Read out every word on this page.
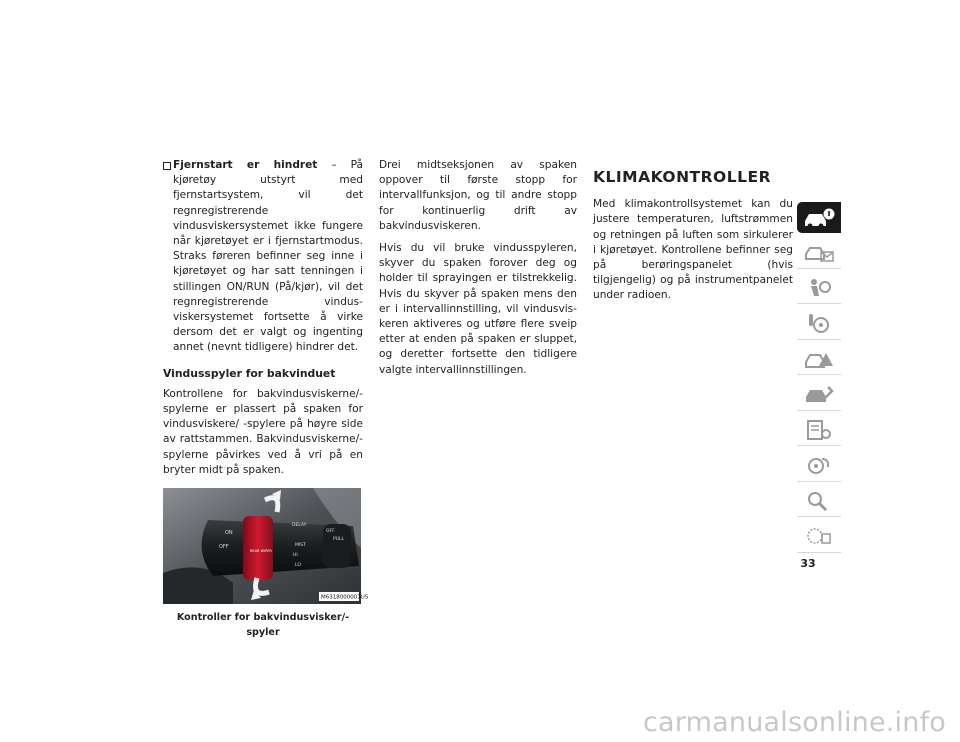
Fjernstart er hindret – På kjøretøy utstyrt med fjernstartsystem, vil det regnregistrerende vindusviskersystemet ikke fungere når kjøretøyet er i fjernstartmodus. Straks føreren befinner seg inne i kjøretøyet og har satt tenningen i stillingen ON/RUN (På/kjør), vil det regnregistrerende vindusviskersystemet fortsette å virke dersom det er valgt og ingenting annet (nevnt tidligere) hindrer det.

Vindusspyler for bakvinduet

Kontrollene for bakvindusviskerne/-spylerne er plassert på spaken for vindusviskere/ -spylere på høyre side av rattstammen. Bakvindusviskerne/-spylerne påvirkes ved å vri på en bryter midt på spaken.

ON
OFF
REAR WIPER
DELAY
OFF
PULL
MIST
HI
LO
M6318000007US

Kontroller for bakvindusvisker/-spyler

Drei midtseksjonen av spaken oppover til første stopp for intervallfunksjon, og til andre stopp for kontinuerlig drift av bakvindusviskeren.

Hvis du vil bruke vindusspyleren, skyver du spaken forover deg og holder til sprayingen er tilstrekkelig. Hvis du skyver på spaken mens den er i intervallinnstilling, vil vindusviskeren aktiveres og utføre flere sveip etter at enden på spaken er sluppet, og deretter fortsette den tidligere valgte intervallinnstillingen.

KLIMAKONTROLLER

Med klimakontrollsystemet kan du justere temperaturen, luftstrømmen og retningen på luften som sirkulerer i kjøretøyet. Kontrollene befinner seg på berøringspanelet (hvis tilgjengelig) og på instrumentpanelet under radioen.

33
carmanualsonline.info
